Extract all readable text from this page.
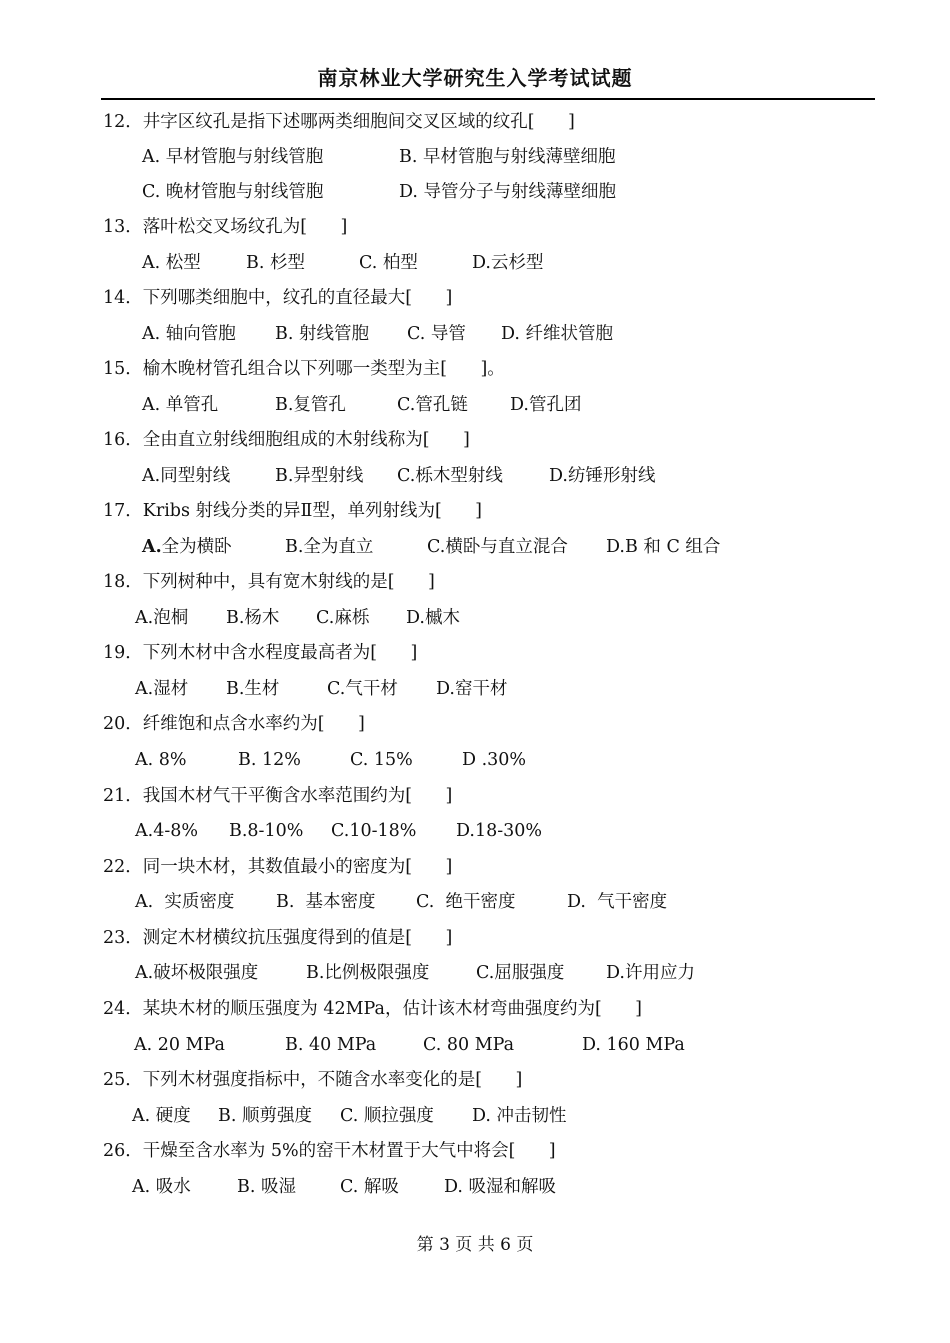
南京林业大学研究生入学考试试题
12．井字区纹孔是指下述哪两类细胞间交叉区域的纹孔[      ]
A. 早材管胞与射线管胞	B. 早材管胞与射线薄壁细胞
C. 晚材管胞与射线管胞	D. 导管分子与射线薄壁细胞
13．落叶松交叉场纹孔为[      ]
A. 松型	B. 杉型	C. 柏型	D.云杉型
14．下列哪类细胞中，纹孔的直径最大[      ]
A. 轴向管胞 B. 射线管胞 C. 导管 D. 纤维状管胞
15．榆木晚材管孔组合以下列哪一类型为主[      ]。
A. 单管孔	B.复管孔	C.管孔链 D.管孔团
16．全由直立射线细胞组成的木射线称为[      ]
A.同型射线	B.异型射线 C.栎木型射线	D.纺锤形射线
17．Kribs 射线分类的异Ⅱ型，单列射线为[      ]
A.全为横卧	B.全为直立	C.横卧与直立混合 D.B 和 C 组合
18．下列树种中，具有宽木射线的是[      ]
A.泡桐 B.杨木 C.麻栎 D.槭木
19．下列木材中含水程度最高者为[      ]
A.湿材 B.生材	C.气干材 D.窑干材
20．纤维饱和点含水率约为[      ]
A. 8%	B. 12%	C. 15%	D .30%
21．我国木材气干平衡含水率范围约为[      ]
A.4-8% B.8-10% C.10-18% D.18-30%
22．同一块木材，其数值最小的密度为[      ]
A.  实质密度 B.  基本密度 C.  绝干密度	D.  气干密度
23．测定木材横纹抗压强度得到的值是[      ]
A.破坏极限强度	B.比例极限强度	C.屈服强度 D.许用应力
24．某块木材的顺压强度为 42MPa，估计该木材弯曲强度约为[      ]
A. 20 MPa	B. 40 MPa	C. 80 MPa	D. 160 MPa
25．下列木材强度指标中，不随含水率变化的是[      ]
A. 硬度 B. 顺剪强度 C. 顺拉强度 D. 冲击韧性
26．干燥至含水率为 5%的窑干木材置于大气中将会[      ]
A. 吸水	B. 吸湿	C. 解吸	D. 吸湿和解吸
第 3 页 共 6 页
